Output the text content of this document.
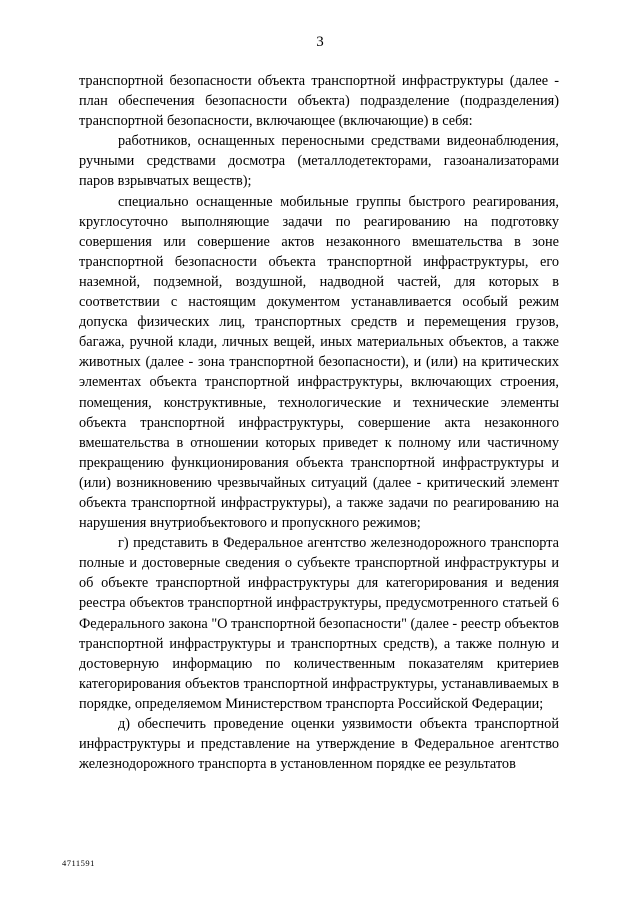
3

транспортной безопасности объекта транспортной инфраструктуры (далее - план обеспечения безопасности объекта) подразделение (подразделения) транспортной безопасности, включающее (включающие) в себя:

работников, оснащенных переносными средствами видеонаблюдения, ручными средствами досмотра (металлодетекторами, газоанализаторами паров взрывчатых веществ);

специально оснащенные мобильные группы быстрого реагирования, круглосуточно выполняющие задачи по реагированию на подготовку совершения или совершение актов незаконного вмешательства в зоне транспортной безопасности объекта транспортной инфраструктуры, его наземной, подземной, воздушной, надводной частей, для которых в соответствии с настоящим документом устанавливается особый режим допуска физических лиц, транспортных средств и перемещения грузов, багажа, ручной клади, личных вещей, иных материальных объектов, а также животных (далее - зона транспортной безопасности), и (или) на критических элементах объекта транспортной инфраструктуры, включающих строения, помещения, конструктивные, технологические и технические элементы объекта транспортной инфраструктуры, совершение акта незаконного вмешательства в отношении которых приведет к полному или частичному прекращению функционирования объекта транспортной инфраструктуры и (или) возникновению чрезвычайных ситуаций (далее - критический элемент объекта транспортной инфраструктуры), а также задачи по реагированию на нарушения внутриобъектового и пропускного режимов;

г) представить в Федеральное агентство железнодорожного транспорта полные и достоверные сведения о субъекте транспортной инфраструктуры и об объекте транспортной инфраструктуры для категорирования и ведения реестра объектов транспортной инфраструктуры, предусмотренного статьей 6 Федерального закона "О транспортной безопасности" (далее - реестр объектов транспортной инфраструктуры и транспортных средств), а также полную и достоверную информацию по количественным показателям критериев категорирования объектов транспортной инфраструктуры, устанавливаемых в порядке, определяемом Министерством транспорта Российской Федерации;

д) обеспечить проведение оценки уязвимости объекта транспортной инфраструктуры и представление на утверждение в Федеральное агентство железнодорожного транспорта в установленном порядке ее результатов

4711591
